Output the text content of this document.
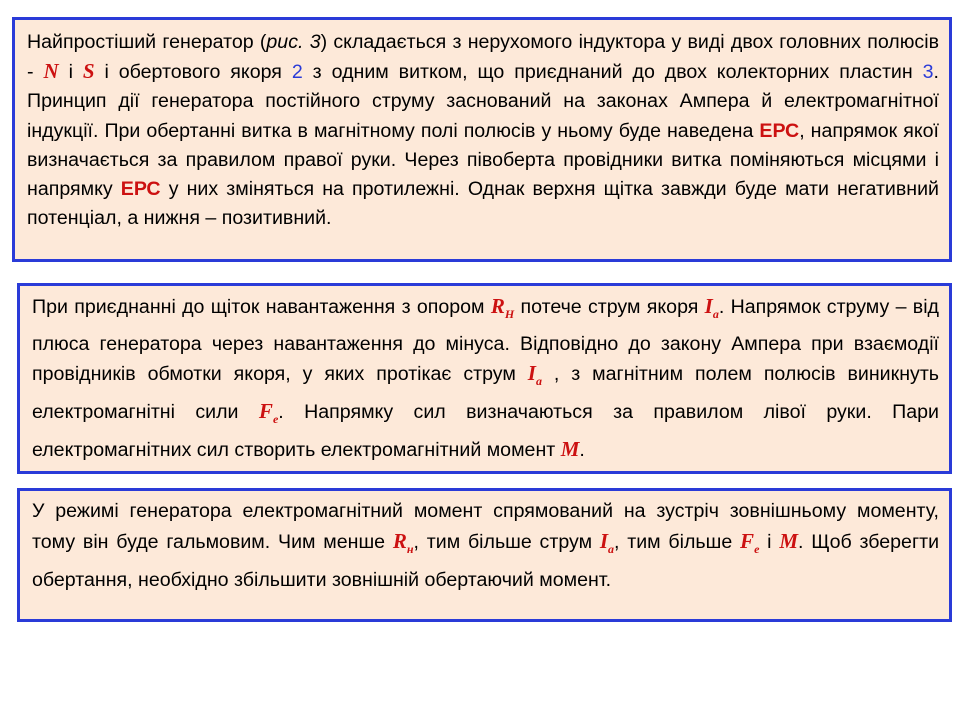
Найпростіший генератор (рис. 3) складається з нерухомого індуктора у виді двох головних полюсів - N і S і обертового якоря 2 з одним витком, що приєднаний до двох колекторних пластин 3. Принцип дії генератора постійного струму заснований на законах Ампера й електромагнітної індукції. При обертанні витка в магнітному полі полюсів у ньому буде наведена ЕРС, напрямок якої визначається за правилом правої руки. Через півоберта провідники витка поміняються місцями і напрямку ЕРС у них зміняться на протилежні. Однак верхня щітка завжди буде мати негативний потенціал, а нижня – позитивний.

При приєднанні до щіток навантаження з опором $R_Н$ потече струм якоря $I_a$. Напрямок струму – від плюса генератора через навантаження до мінуса. Відповідно до закону Ампера при взаємодії провідників обмотки якоря, у яких протікає струм $I_a$ , з магнітним полем полюсів виникнуть електромагнітні сили $F_e$. Напрямку сил визначаються за правилом лівої руки. Пари електромагнітних сил створить електромагнітний момент M.

У режимі генератора електромагнітний момент спрямований на зустріч зовнішньому моменту, тому він буде гальмовим. Чим менше $R_н$, тим більше струм $I_a$, тим більше $F_e$ і M. Щоб зберегти обертання, необхідно збільшити зовнішній обертаючий момент.
